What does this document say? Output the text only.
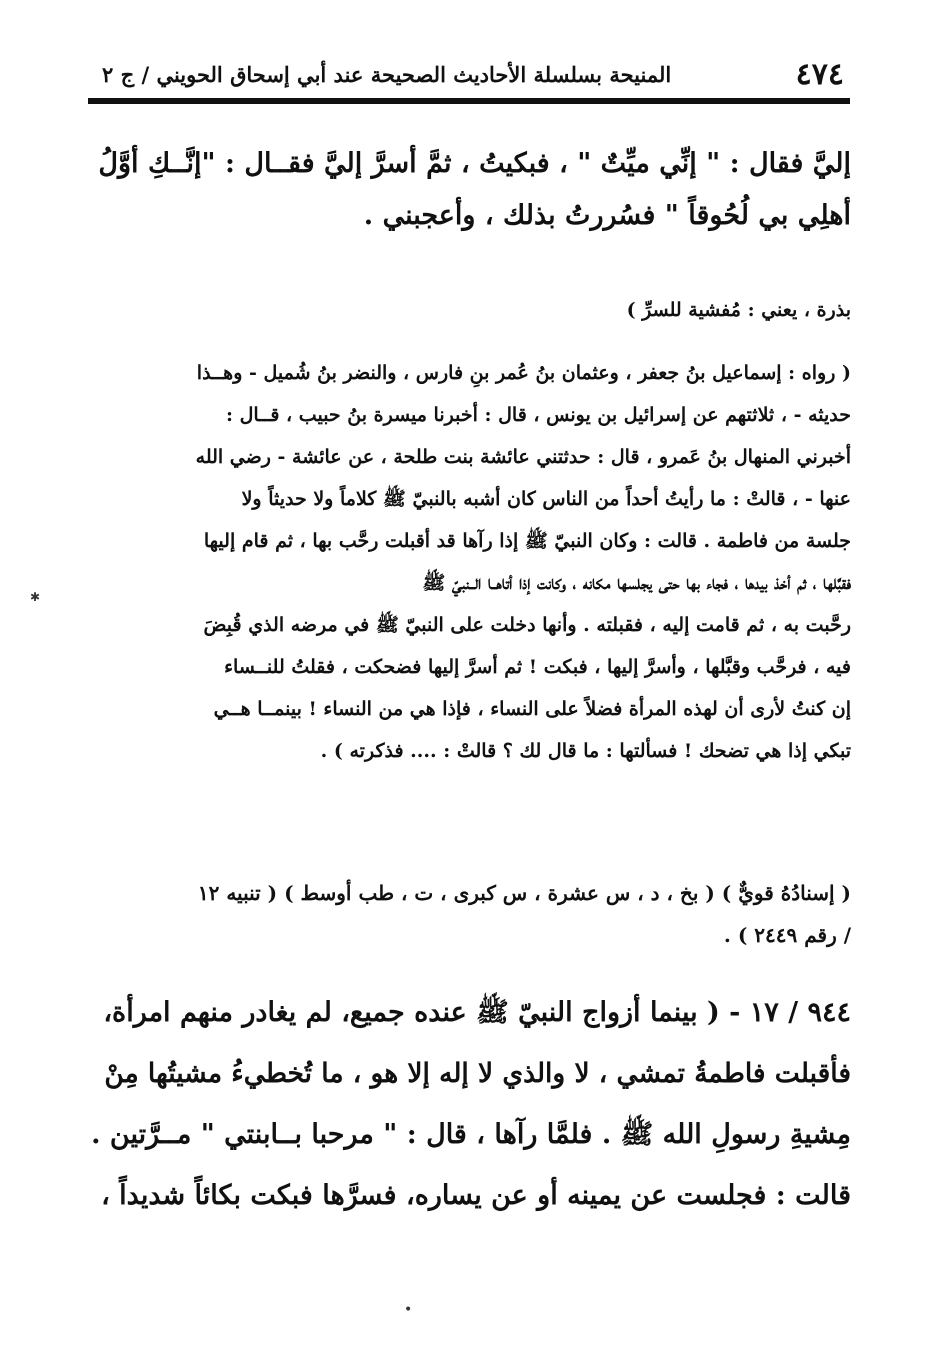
٤٧٤
المنيحة بسلسلة الأحاديث الصحيحة عند أبي إسحاق الحويني / ج ٢
إليَّ فقال : " إنِّي ميِّتٌ " ، فبكيتُ ، ثمَّ أسرَّ إليَّ فقــال : "إنَّــكِ أوَّلُ
أهلِي بي لُحُوقاً " فسُررتُ بذلك ، وأعجبني .
بذرة ، يعني : مُفشية للسرِّ )
( رواه : إسماعيل بنُ جعفر ، وعثمان بنُ عُمر بنِ فارس ، والنضر بنُ شُميل - وهــذا
حديثه - ، ثلاثتهم عن إسرائيل بن يونس ، قال : أخبرنا ميسرة بنُ حبيب ، قــال :
أخبرني المنهال بنُ عَمرو ، قال : حدثتني عائشة بنت طلحة ، عن عائشة - رضي الله
عنها - ، قالتْ : ما رأيتُ أحداً من الناس كان أشبه بالنبيّ ﷺ كلاماً ولا حديثاً ولا
جلسة من فاطمة . قالت : وكان النبيّ ﷺ إذا رآها قد أقبلت رحَّب بها ، ثم قام إليها
فقبَّلها ، ثم أخذ بيدها ، فجاء بها حتى يجلسها مكانه ، وكانت إذا أتاهــا الــنبيّ ﷺ
رحَّبت به ، ثم قامت إليه ، فقبلته . وأنها دخلت على النبيّ ﷺ في مرضه الذي قُبِضَ
فيه ، فرحَّب وقبَّلها ، وأسرَّ إليها ، فبكت ! ثم أسرَّ إليها فضحكت ، فقلتُ للنــساء
إن كنتُ لأرى أن لهذه المرأة فضلاً على النساء ، فإذا هي من النساء ! بينمــا هــي
تبكي إذا هي تضحك ! فسألتها : ما قال لك ؟ قالتْ : .... فذكرته ) .
( إسنادُهُ قويٌّ ) ( بخ ، د ، س عشرة ، س كبرى ، ت ، طب أوسط ) ( تنبيه ١٢
/ رقم ٢٤٤٩ ) .
٩٤٤ / ١٧ - ( بينما أزواج النبيّ ﷺ عنده جميع، لم يغادر منهم امرأة،
فأقبلت فاطمةُ تمشي ، لا والذي لا إله إلا هو ، ما تُخطيءُ مشيتُها مِنْ
مِشيةِ رسولِ الله ﷺ . فلمَّا رآها ، قال : " مرحبا بــابنتي " مــرَّتين .
قالت : فجلست عن يمينه أو عن يساره، فسرَّها فبكت بكائاً شديداً ،
✱
•
